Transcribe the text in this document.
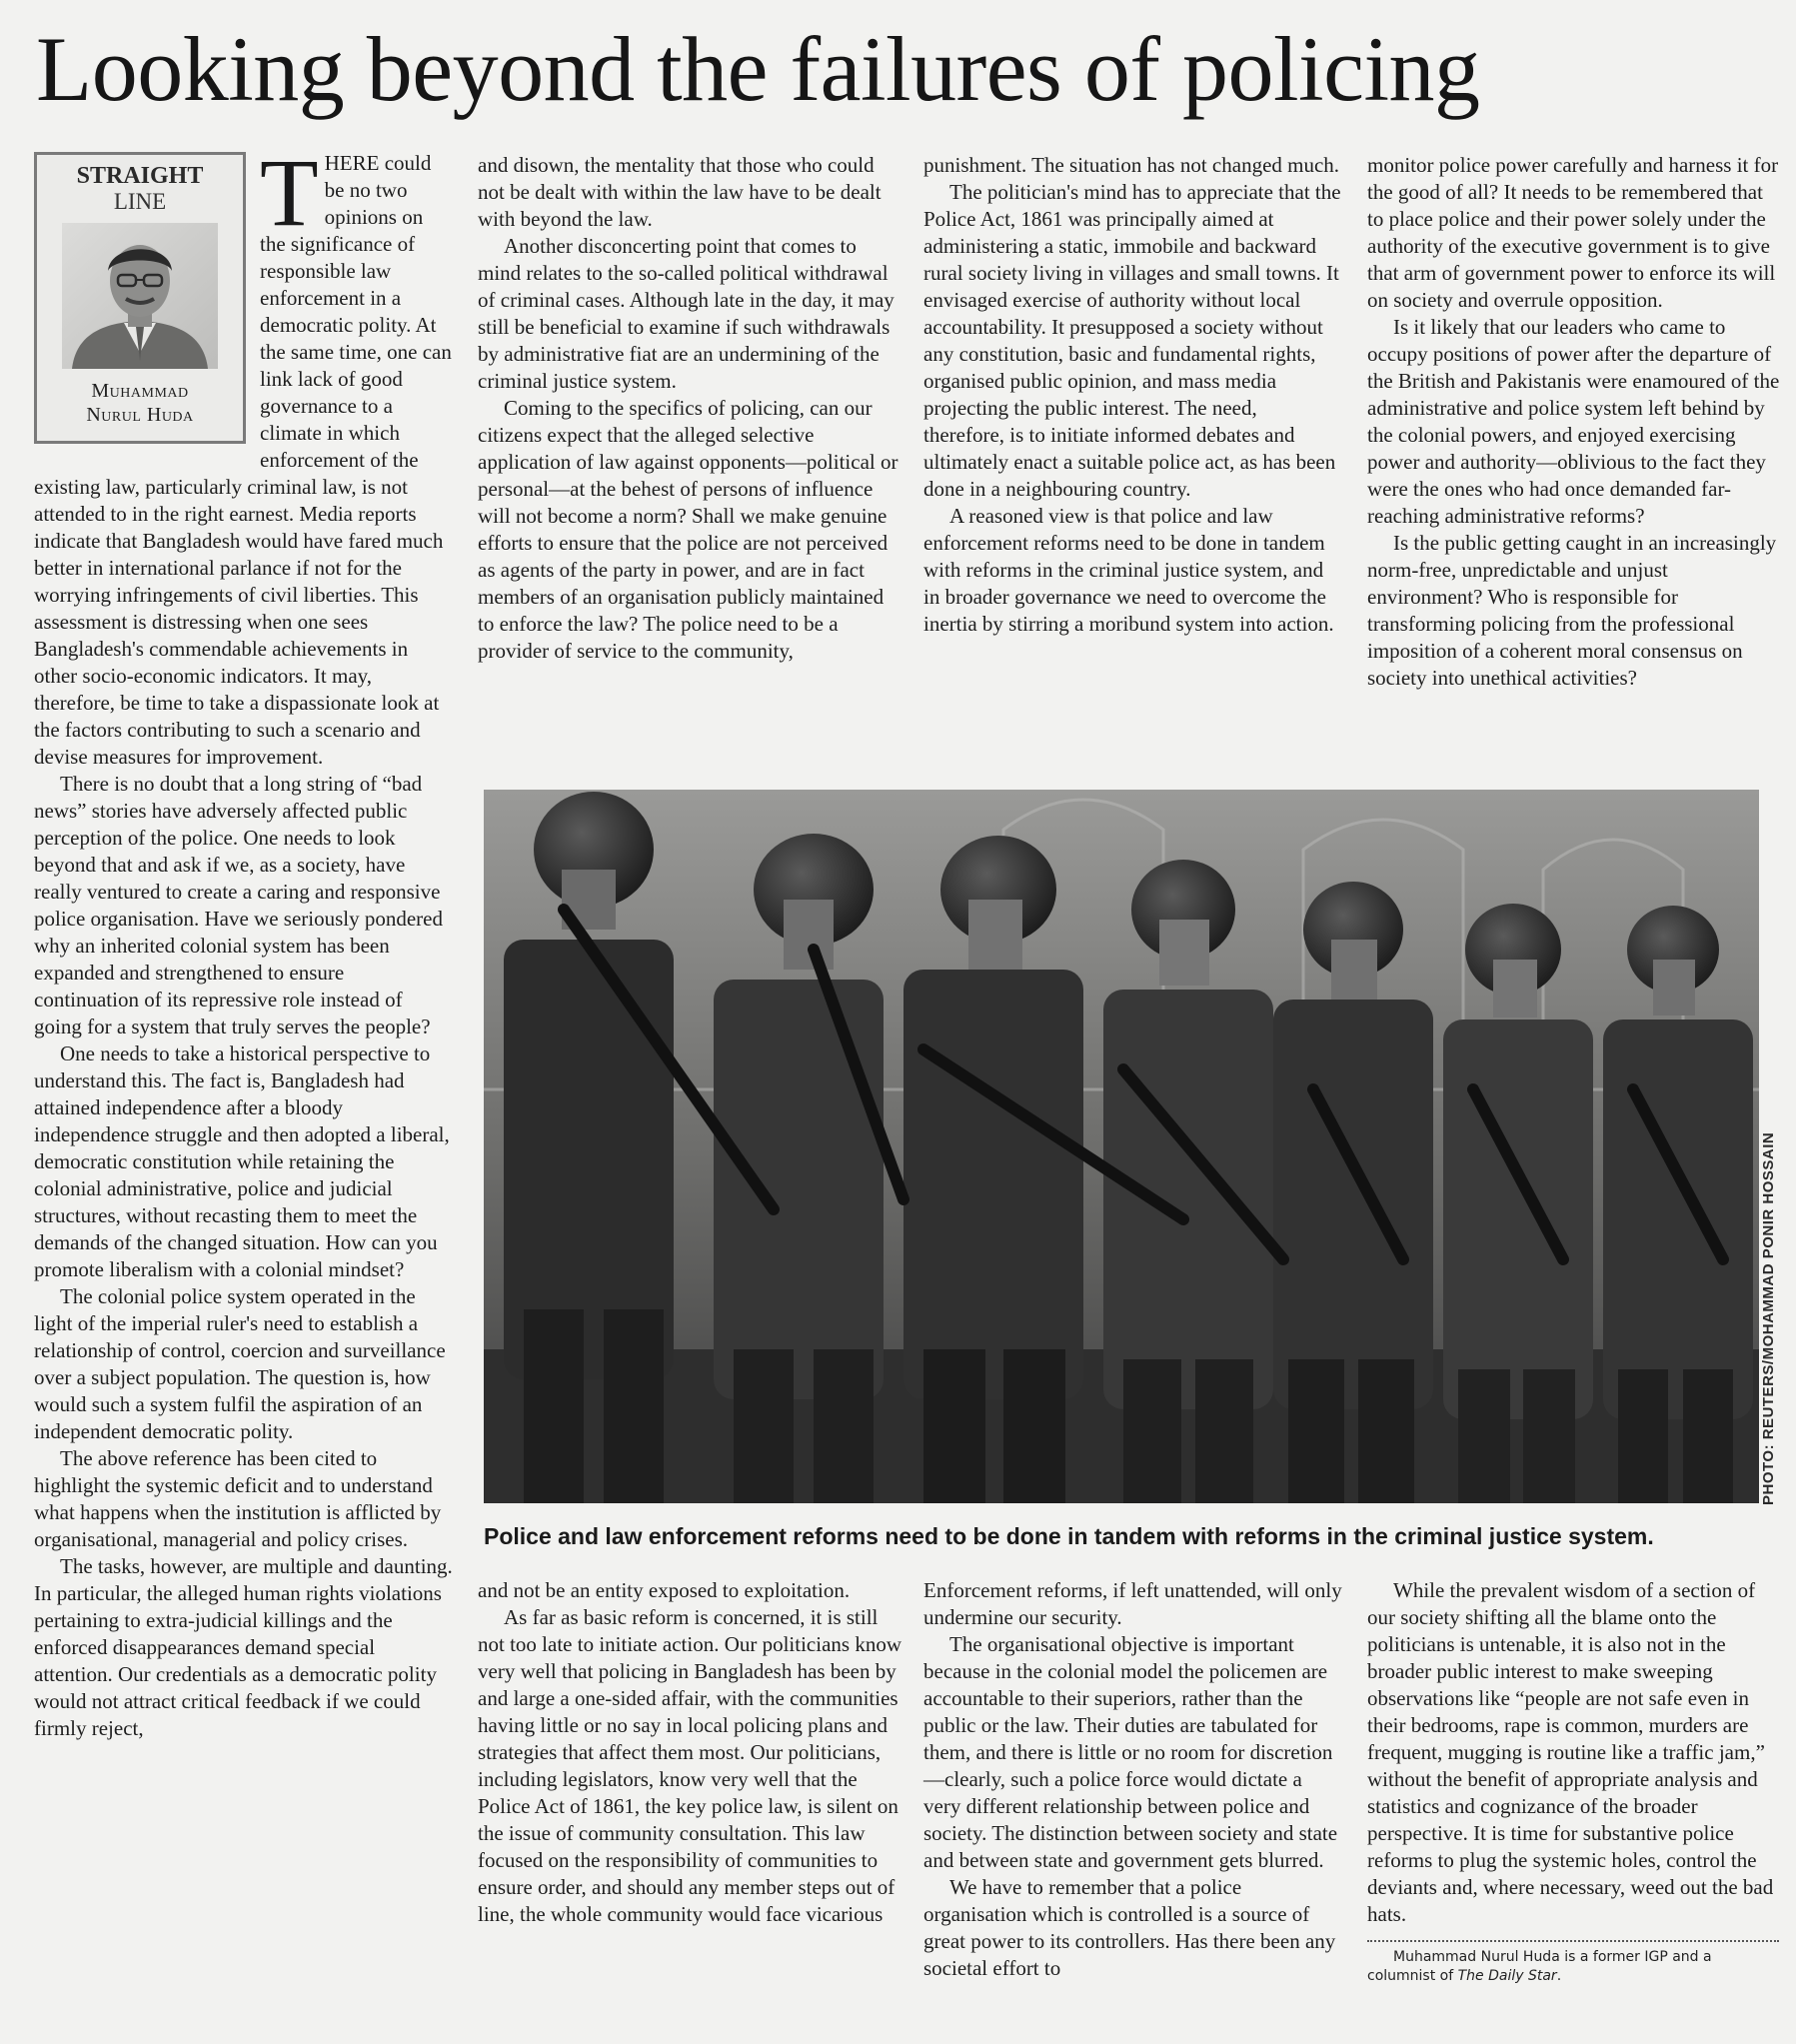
Looking beyond the failures of policing
STRAIGHT
LINE
Muhammad
Nurul Huda
T HERE could be no two opinions on the significance of responsible law enforcement in a democratic polity. At the same time, one can link lack of good governance to a climate in which enforcement of the existing law, particularly criminal law, is not attended to in the right earnest. Media reports indicate that Bangladesh would have fared much better in international parlance if not for the worrying infringements of civil liberties. This assessment is distressing when one sees Bangladesh's commendable achievements in other socio-economic indicators. It may, therefore, be time to take a dispassionate look at the factors contributing to such a scenario and devise measures for improvement.

There is no doubt that a long string of “bad news” stories have adversely affected public perception of the police. One needs to look beyond that and ask if we, as a society, have really ventured to create a caring and responsive police organisation. Have we seriously pondered why an inherited colonial system has been expanded and strengthened to ensure continuation of its repressive role instead of going for a system that truly serves the people?

One needs to take a historical perspective to understand this. The fact is, Bangladesh had attained independence after a bloody independence struggle and then adopted a liberal, democratic constitution while retaining the colonial administrative, police and judicial structures, without recasting them to meet the demands of the changed situation. How can you promote liberalism with a colonial mindset?

The colonial police system operated in the light of the imperial ruler's need to establish a relationship of control, coercion and surveillance over a subject population. The question is, how would such a system fulfil the aspiration of an independent democratic polity.

The above reference has been cited to highlight the systemic deficit and to understand what happens when the institution is afflicted by organisational, managerial and policy crises.

The tasks, however, are multiple and daunting. In particular, the alleged human rights violations pertaining to extra-judicial killings and the enforced disappearances demand special attention. Our credentials as a democratic polity would not attract critical feedback if we could firmly reject,

and disown, the mentality that those who could not be dealt with within the law have to be dealt with beyond the law.

Another disconcerting point that comes to mind relates to the so-called political withdrawal of criminal cases. Although late in the day, it may still be beneficial to examine if such withdrawals by administrative fiat are an undermining of the criminal justice system.

Coming to the specifics of policing, can our citizens expect that the alleged selective application of law against opponents—political or personal—at the behest of persons of influence will not become a norm? Shall we make genuine efforts to ensure that the police are not perceived as agents of the party in power, and are in fact members of an organisation publicly maintained to enforce the law? The police need to be a provider of service to the community,

punishment. The situation has not changed much.

The politician's mind has to appreciate that the Police Act, 1861 was principally aimed at administering a static, immobile and backward rural society living in villages and small towns. It envisaged exercise of authority without local accountability. It presupposed a society without any constitution, basic and fundamental rights, organised public opinion, and mass media projecting the public interest. The need, therefore, is to initiate informed debates and ultimately enact a suitable police act, as has been done in a neighbouring country.

A reasoned view is that police and law enforcement reforms need to be done in tandem with reforms in the criminal justice system, and in broader governance we need to overcome the inertia by stirring a moribund system into action.

monitor police power carefully and harness it for the good of all? It needs to be remembered that to place police and their power solely under the authority of the executive government is to give that arm of government power to enforce its will on society and overrule opposition.

Is it likely that our leaders who came to occupy positions of power after the departure of the British and Pakistanis were enamoured of the administrative and police system left behind by the colonial powers, and enjoyed exercising power and authority—oblivious to the fact they were the ones who had once demanded far-reaching administrative reforms?

Is the public getting caught in an increasingly norm-free, unpredictable and unjust environment? Who is responsible for transforming policing from the professional imposition of a coherent moral consensus on society into unethical activities?

PHOTO: REUTERS/MOHAMMAD PONIR HOSSAIN
Police and law enforcement reforms need to be done in tandem with reforms in the criminal justice system.

and not be an entity exposed to exploitation.

As far as basic reform is concerned, it is still not too late to initiate action. Our politicians know very well that policing in Bangladesh has been by and large a one-sided affair, with the communities having little or no say in local policing plans and strategies that affect them most. Our politicians, including legislators, know very well that the Police Act of 1861, the key police law, is silent on the issue of community consultation. This law focused on the responsibility of communities to ensure order, and should any member steps out of line, the whole community would face vicarious

Enforcement reforms, if left unattended, will only undermine our security.

The organisational objective is important because in the colonial model the policemen are accountable to their superiors, rather than the public or the law. Their duties are tabulated for them, and there is little or no room for discretion—clearly, such a police force would dictate a very different relationship between police and society. The distinction between society and state and between state and government gets blurred.

We have to remember that a police organisation which is controlled is a source of great power to its controllers. Has there been any societal effort to

While the prevalent wisdom of a section of our society shifting all the blame onto the politicians is untenable, it is also not in the broader public interest to make sweeping observations like “people are not safe even in their bedrooms, rape is common, murders are frequent, mugging is routine like a traffic jam,” without the benefit of appropriate analysis and statistics and cognizance of the broader perspective. It is time for substantive police reforms to plug the systemic holes, control the deviants and, where necessary, weed out the bad hats.

Muhammad Nurul Huda is a former IGP and a columnist of The Daily Star.
